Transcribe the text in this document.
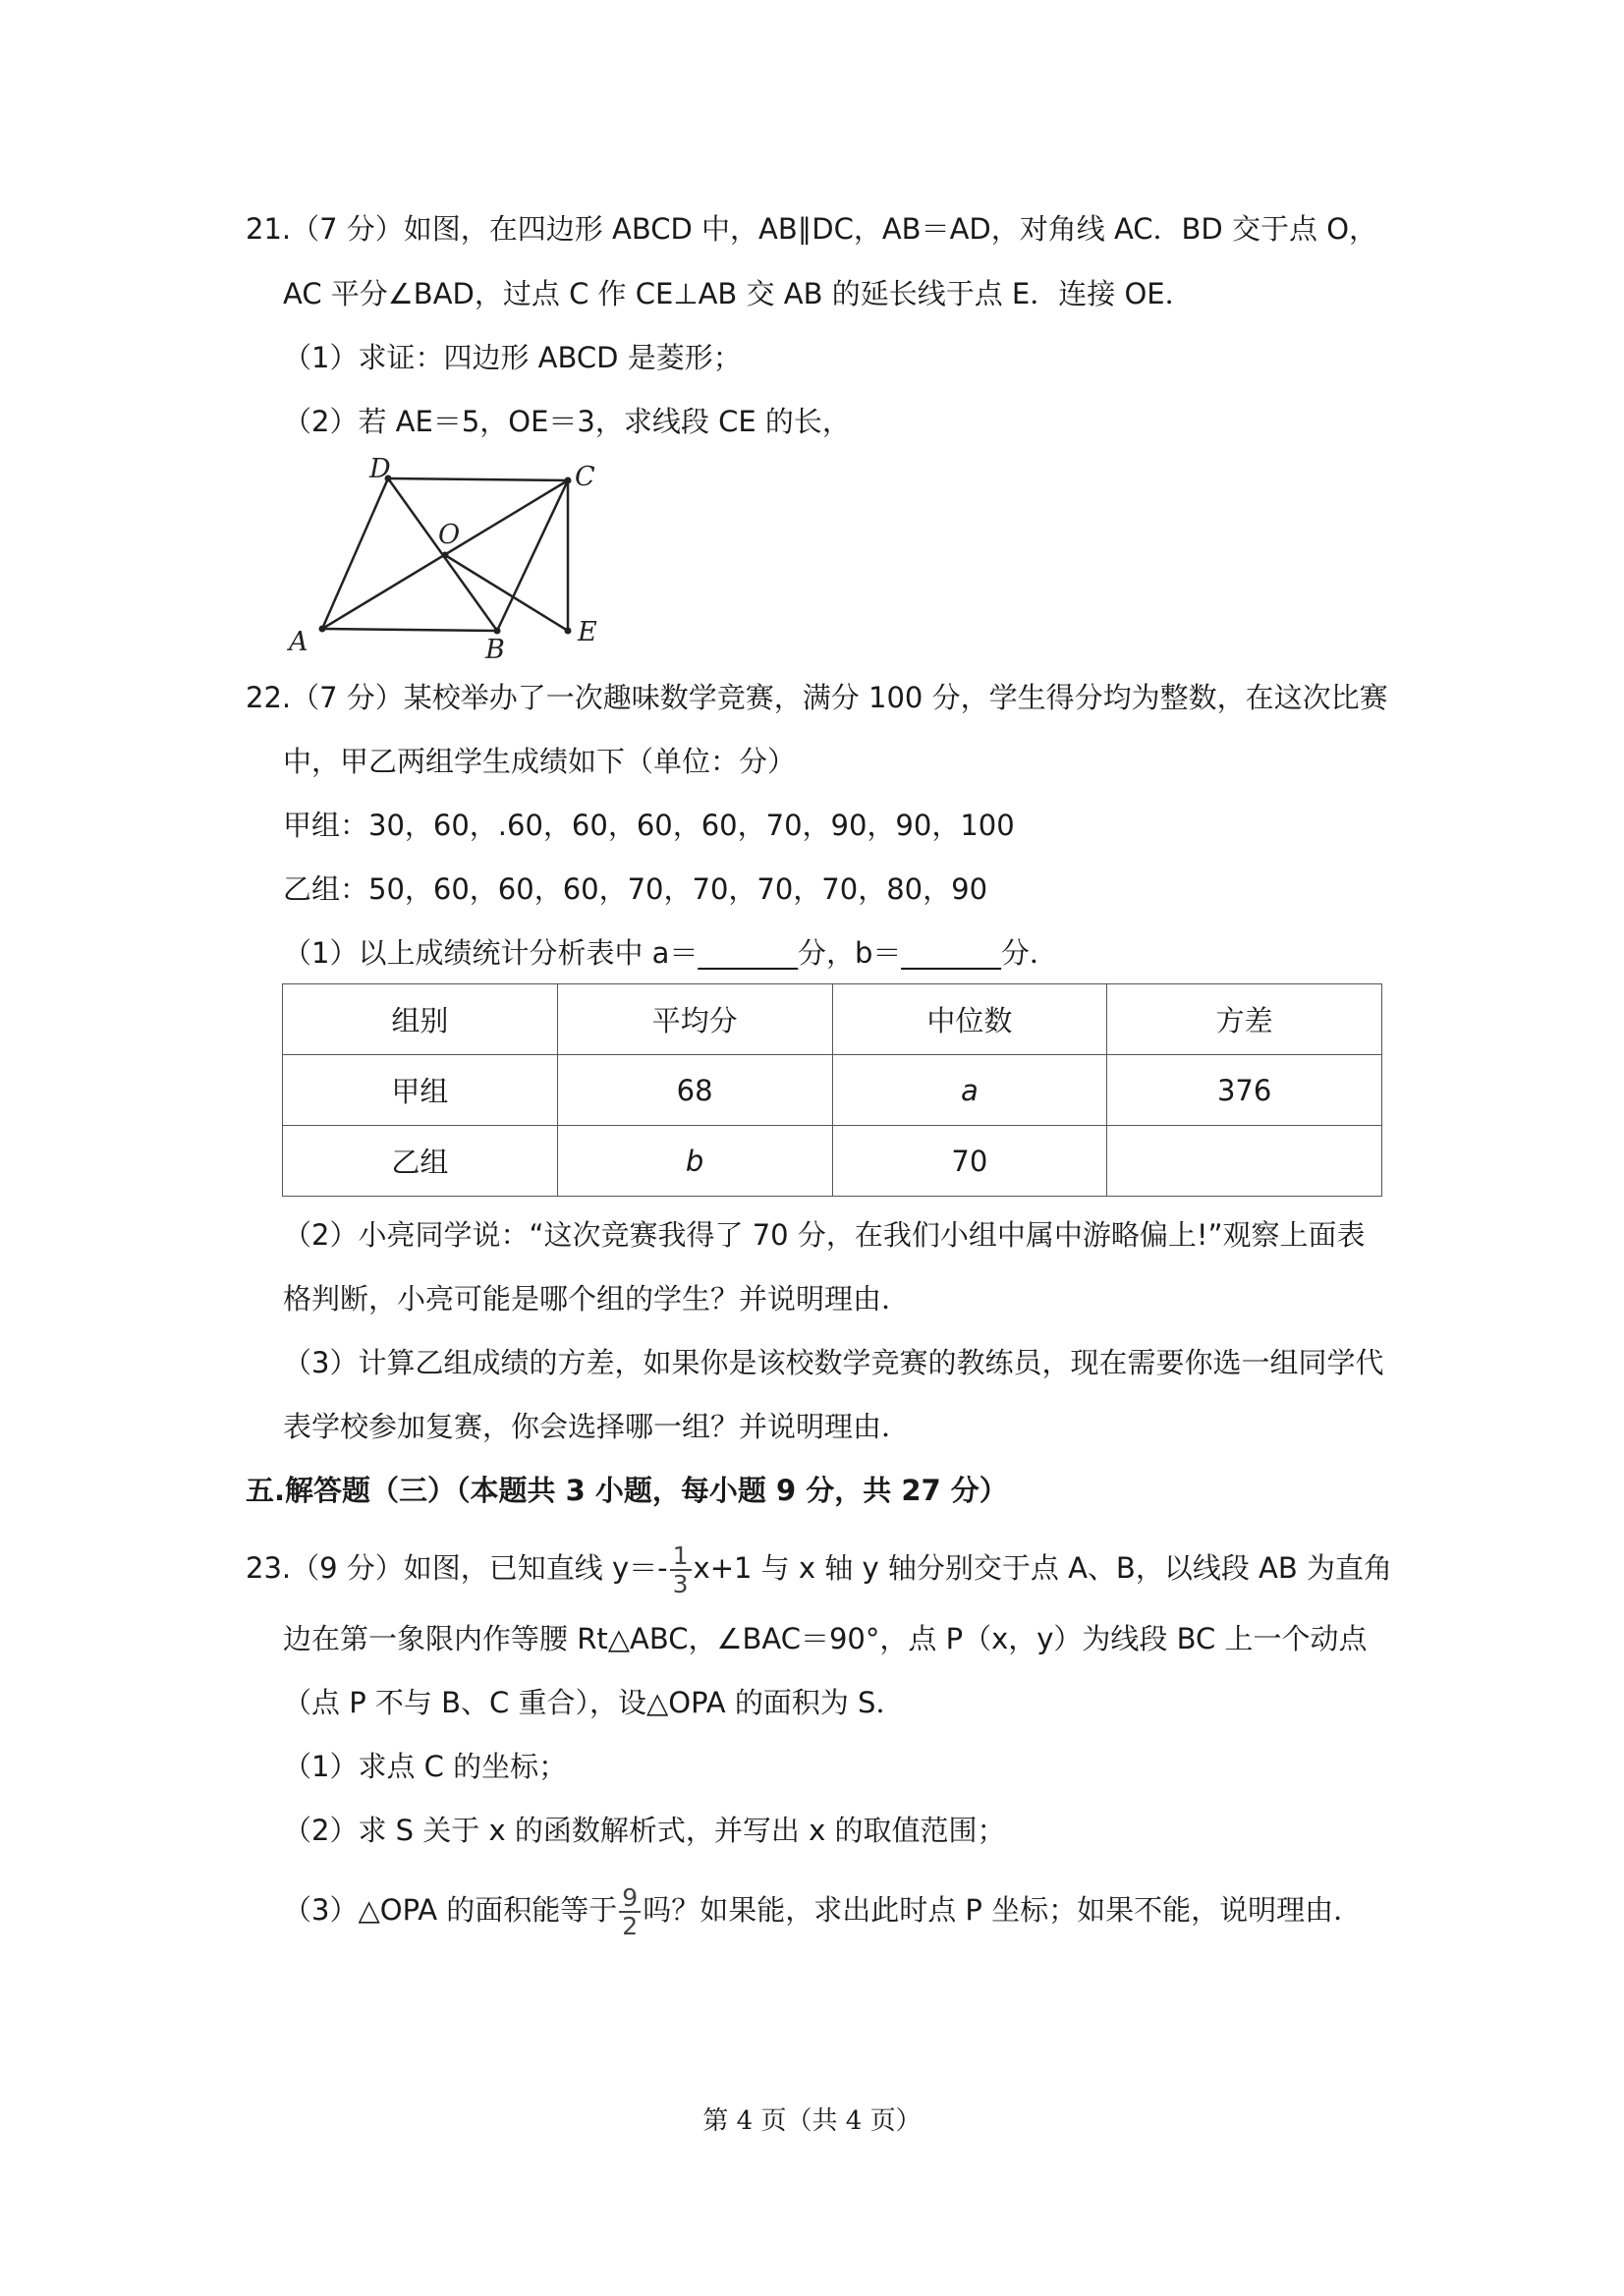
21.（7 分）如图，在四边形 ABCD 中，AB∥DC，AB＝AD，对角线 AC．BD 交于点 O，
AC 平分∠BAD，过点 C 作 CE⊥AB 交 AB 的延长线于点 E．连接 OE．
（1）求证：四边形 ABCD 是菱形；
（2）若 AE＝5，OE＝3，求线段 CE 的长，
D	C
A	B
E
O
22.（7 分）某校举办了一次趣味数学竞赛，满分 100 分，学生得分均为整数，在这次比赛
中，甲乙两组学生成绩如下（单位：分）
甲组：30，60，.60，60，60，60，70，90，90，100
乙组：50，60，60，60，70，70，70，70，80，90
（1）以上成绩统计分析表中 a＝_______分，b＝_______分．
组别	平均分	中位数	方差
甲组	68	a	376
乙组	b	70	
（2）小亮同学说：“这次竞赛我得了 70 分，在我们小组中属中游略偏上!”观察上面表
格判断，小亮可能是哪个组的学生？并说明理由．
（3）计算乙组成绩的方差，如果你是该校数学竞赛的教练员，现在需要你选一组同学代
表学校参加复赛，你会选择哪一组？并说明理由．
五.解答题（三）（本题共 3 小题，每小题 9 分，共 27 分）
23.（9 分）如图，已知直线 $y=- \frac{1}{3} x+1$ 与 x 轴 y 轴分别交于点 A、B，以线段 AB 为直角
边在第一象限内作等腰 Rt△ABC，∠BAC＝90°，点 P（x，y）为线段 BC 上一个动点
（点 P 不与 B、C 重合），设△OPA 的面积为 S．
（1）求点 C 的坐标；
（2）求 S 关于 x 的函数解析式，并写出 x 的取值范围；
（3）△OPA 的面积能等于 $\frac{9}{2}$ 吗？如果能，求出此时点 P 坐标；如果不能，说明理由．
第 4 页（共 4 页）
